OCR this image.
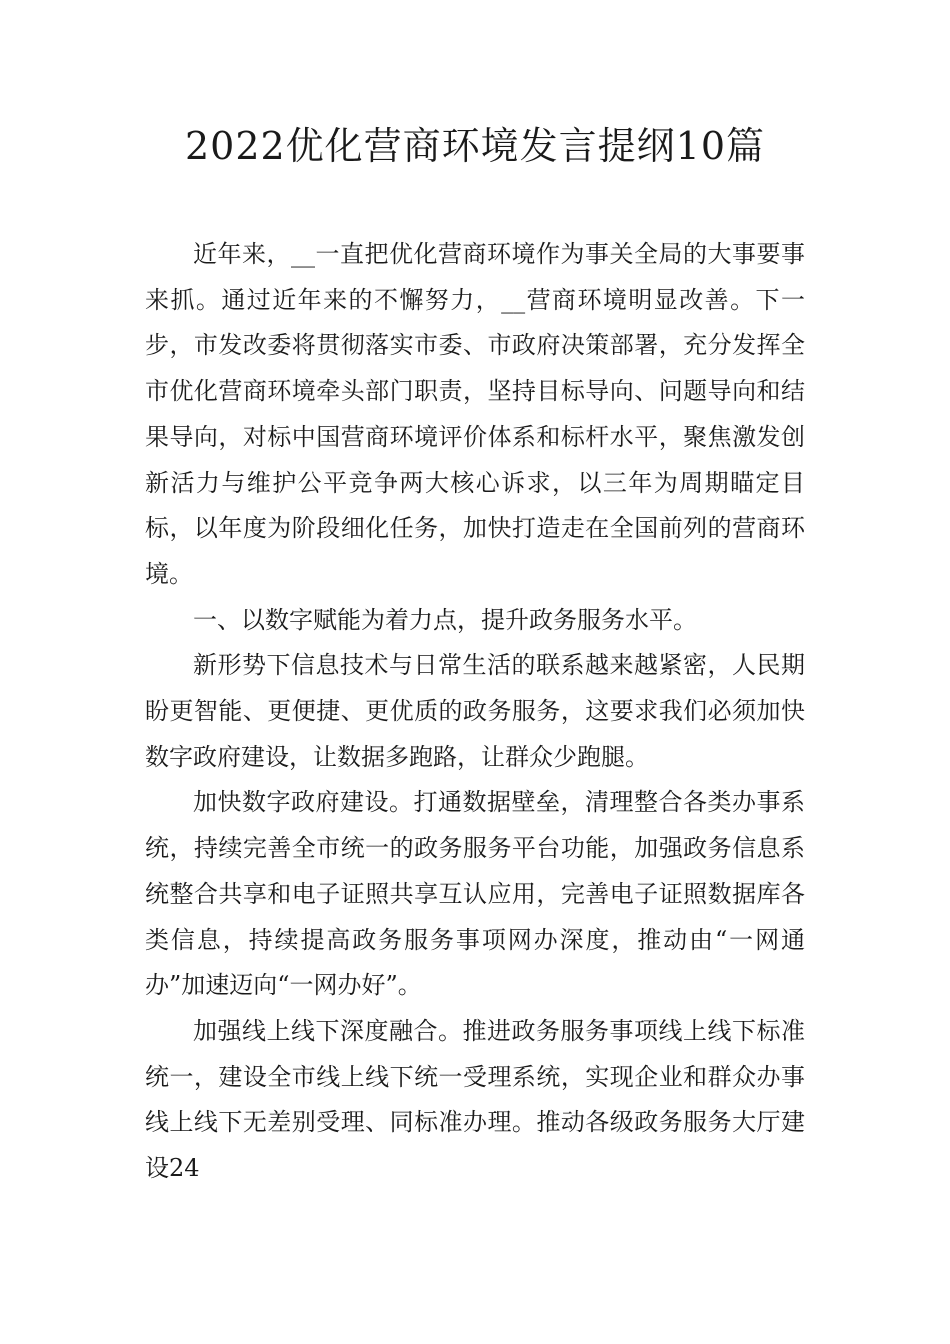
2022优化营商环境发言提纲10篇

近年来，__一直把优化营商环境作为事关全局的大事要事来抓。通过近年来的不懈努力，__营商环境明显改善。下一步，市发改委将贯彻落实市委、市政府决策部署，充分发挥全市优化营商环境牵头部门职责，坚持目标导向、问题导向和结果导向，对标中国营商环境评价体系和标杆水平，聚焦激发创新活力与维护公平竞争两大核心诉求，以三年为周期瞄定目标，以年度为阶段细化任务，加快打造走在全国前列的营商环境。

一、以数字赋能为着力点，提升政务服务水平。

新形势下信息技术与日常生活的联系越来越紧密，人民期盼更智能、更便捷、更优质的政务服务，这要求我们必须加快数字政府建设，让数据多跑路，让群众少跑腿。

加快数字政府建设。打通数据壁垒，清理整合各类办事系统，持续完善全市统一的政务服务平台功能，加强政务信息系统整合共享和电子证照共享互认应用，完善电子证照数据库各类信息，持续提高政务服务事项网办深度，推动由“一网通办”加速迈向“一网办好”。

加强线上线下深度融合。推进政务服务事项线上线下标准统一，建设全市线上线下统一受理系统，实现企业和群众办事线上线下无差别受理、同标准办理。推动各级政务服务大厅建设24
